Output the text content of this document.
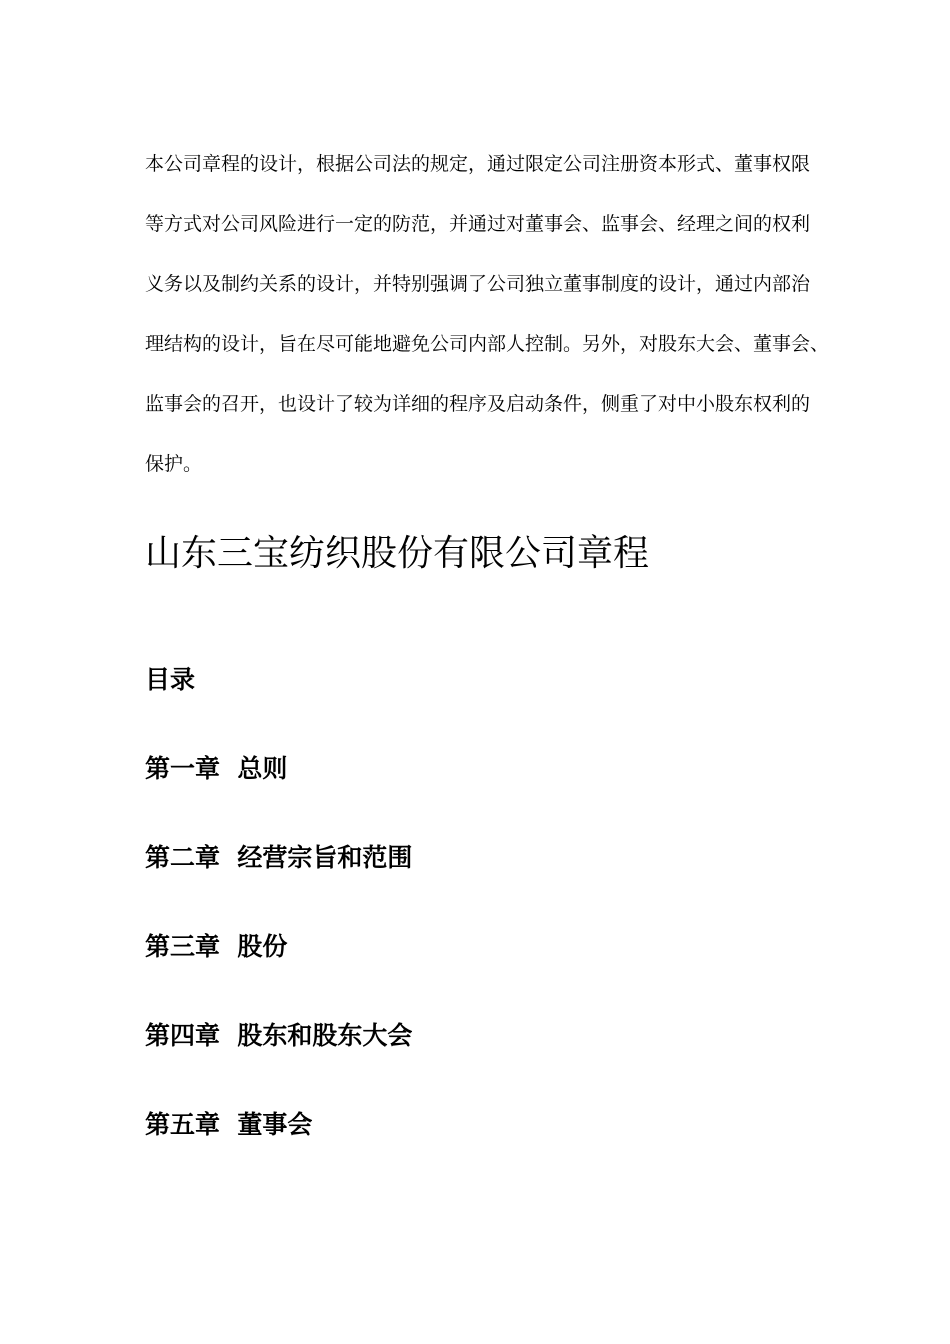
本公司章程的设计，根据公司法的规定，通过限定公司注册资本形式、董事权限
等方式对公司风险进行一定的防范，并通过对董事会、监事会、经理之间的权利
义务以及制约关系的设计，并特别强调了公司独立董事制度的设计，通过内部治
理结构的设计，旨在尽可能地避免公司内部人控制。另外，对股东大会、董事会、
监事会的召开，也设计了较为详细的程序及启动条件，侧重了对中小股东权利的
保护。
山东三宝纺织股份有限公司章程
目录
第一章  总则
第二章  经营宗旨和范围
第三章  股份
第四章  股东和股东大会
第五章  董事会
